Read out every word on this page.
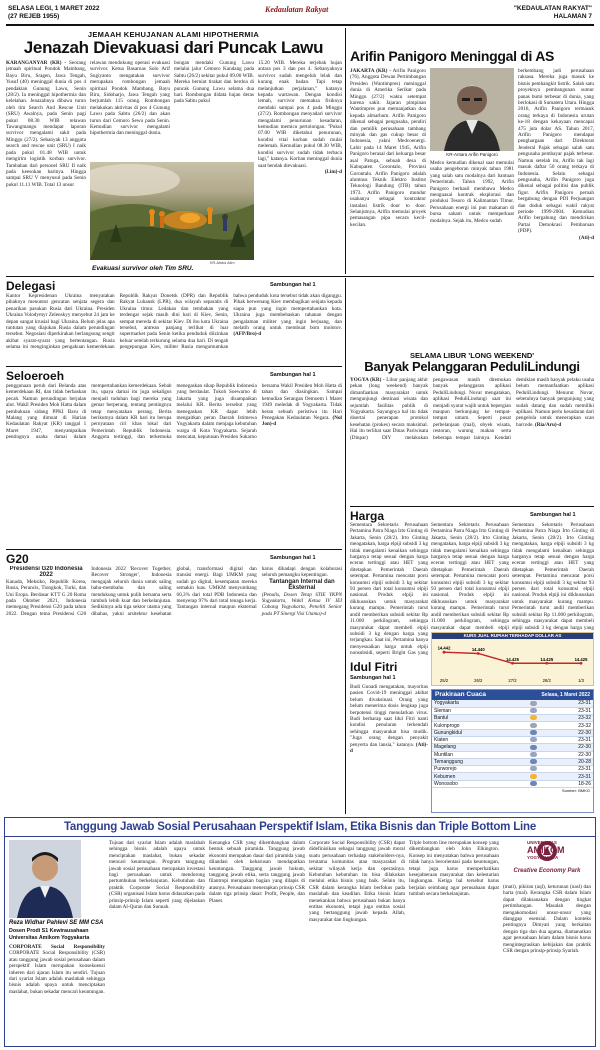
SELASA LEGI, 1 MARET 2022
(27 REJEB 1955)
Kedaulatan Rakyat	"KEDAULATAN RAKYAT"
HALAMAN 7
JEMAAH KEHUJANAN ALAMI HIPOTHERMIA
Jenazah Dievakuasi dari Puncak Lawu
KARANGANYAR (KR) - Seorang jemaah spiritual Pondok Mambang, Bayu Biru, Sragen, Jawa Tengah, Yusuf (40) meninggal dunia di pos 4 pendakian Gunung Lawu, Senin (28/2). Ia meninggal hipothermia dan kelelahan. Jenazahnya dibawa turun oleh tim Search And Rescue Unit (SRU) Awalnya, pada Senin pagi pukul 08.30 WIB relawan Tawangmangu mendapat laporan survivor mengalami sakit pada Minggu (27/2). Sebanyak 13 anggota search and rescue unit (SRU) I naik pada pukul 01.48 WIB untuk mengirim logistik korban survivor. Tambahan dari personel SRU II naik pada keesokan harinya. Hingga sampai SRU V menyusul pada Senin pukul 11.11 WIB. Total 13 unsur
relawan mendukung operasi evakuasi survivor. Ketua Basarnas Solo Arif Sugiyanto mengatakan survivor merupakan rombongan jemaah spiritual Pondok Mambang, Bayu Biru, Sidoharjo, Jawa Tengah yang berjumlah 115 orang. Rombongan melakukan aktivitas di pos 4 Gunung Lawu pada Sabtu (26/2) dan akan turun dari Cemoro Sewu pada Senin. Kemudian survivor mengalami hipothermia dan meninggal dunia.
bongan mendaki Gunung Lawu melalui jalur Cemoro Kandang pada Sabtu (26/2) sekitar pukul 09.00 WIB. Mereka berniat tirakat dan berdoa di puncak Gunung Lawu selama dua hari. Rombongan didata hujan deras pada Sabtu pukul
15.20 WIB. Mereka terjebak hujan antara pos 3 dan pos 4. Sebanyaknya survivor sudah mengeluh lelah dan kurang enak badan. Tapi tetap melanjutkan perjalanan," katanya kepada wartawan. Dengan kondisi lemah, survivor memaksa fisiknya mendaki sampai pos 4 pada Minggu (27/2). Rombongan menyadari survivor mengalami penurunan kesadaran, kemudian memicu pertolongan. "Pukul 07.00 WIB diketahui penurunan, kondisi vital korban sudah mulai melemah. Kemudian pukul 08.30 WIB, kondisi survivor sudah tidak terbaca lagi," katanya. Korban meninggal dunia saat hendak dievakuasi.
(Lim)-d
KR-Abdul Alim
Evakuasi survivor oleh Tim SRU.
Arifin Panigoro Meninggal di AS
JAKARTA (KR) - Arifin Panigoro (76), Anggota Dewan Pertimbangan Presiden (Wantimpres) meninggal dunia di Amerika Serikat pada Minggu (27/2) waktu setempat karena sakit. Jajaran pimpinan Wantimpres pun memanjatkan doa kepada almarhum. Arifin Panigoro dikenal sebagai pengusaha, pendiri dan pemilik perusahaan tambang minyak dan gas cukup besar di Indonesia, yakni Medcoenergi. Lahir pada 14 Maret 1945, Arifin Panigoro berasal dari keluarga besar asal Patoga, sebuah desa di Kabupaten Gorontalo, Provinsi Gorontalo. Arifin Panigoro adalah alumnus Teknik Elektro Institut Teknologi Bandung (ITB) tahun 1973. Arifin Panigoro mundur usahanya sebagai kontraktor instalasi listrik door to door. Selanjutnya, Arifin memulai proyek pemasangan pipa secara kecil-kecilan.
KR-Antara Arifin Panigoro
Medco kemudian dikenal saat memulai usaha pengeboran minyak tahun 1981 yang salah satu modalnya dari bantuan Pemerintah. Tahun 1992, Arifin Panigoro berhasil membawa Medco menguasai kontrak eksplorasi dan produksi Tesoro di Kalimantan Timur. Perusahaan energi ini pun makanan di bursa saham untuk memperkuat modalnya. Sejak itu, Medco sudah
berkembang jadi perusahaan raksasa. Mereka juga masuk ke bisnis pembangkit listrik. Salah satu proyeknya pembangunan sumur panas bumi terbesar di dunia, yang berlokasi di Sumatera Utara. Hingga 2016, Arifin Panigoro termasuk orang terkaya di Indonesia urutan ke-18 dengan kekayaan mencapai 475 juta dolar AS. Tahun 2017, Arifin Panigoro mendapat penghargaan dari Direktorat Jenderal Pajak sebagai salah satu pengusaha pembayar pajak terbesar. Namun setelah itu, Arifin tak lagi masuk daftar 50 orang terkaya di Indonesia. Selain sebagai pengusaha, Arifin Panigoro juga dikenal sebagai politisi dan publik figur. Arifin Panigoro pernah bergabung dengan PDI Perjuangan dan duduk sebagai wakil rakyat periode 1999-2004. Kemudian Arifin bergabung dan mendirikan Partai Demokrasi Pembaruan (PDP).
(Ati)-d
Delegasi	Sambungan hal 1
Kantor Kepresidenan Ukraina menyatakan pihaknya menuntut gencatan senjata segera dan penarikan pasukan Rusia dari Ukraina. Presiden Ukraina Volodymyr Zelenskyy menyebut 24 jam ke depan sangat krusial bagi Ukraina. Belum jelas apa tuntutan yang diajukan Rusia dalam perundingan tersebut. Negosiasi diperkirakan berlangsung sengit akibat syarat-syarat yang bertentangan. Rusia selama ini menginginkan pengakuan kemerdekaan Republik Rakyat Donetsk (DPR) dan Republik Rakyat Luhansk (LPR), dua wilayah separatis di Ukraina timur. Ledakan dan tembakan yang terdengar sejak masih dini hari di Kiev, Senin, sempat mereda di sekitar Kiev. Di ibu kota Ukraina tersebut, antrean panjang terlihat di luar supermarket pada Senin ketika penduduk diizinkan keluar setelah terkurung selama dua hari. Di tengah pengepungan Kiev, militer Rusia mengumumkan bahwa penduduk kota tersebut tidak akan diganggu. Pihak berwenang Kiev membagikan senjata kepada siapa pun yang ingin mempertahankan kota. Ukraina juga membebaskan tahanan dengan pengalaman militer yang ingin berjuang, dan melatih orang untuk membuat bom molotov. (AFP/Bro)-d
Seloeroeh	Sambungan hal 1
penggunaan peruh dari Belanda atas kemerdekaan RI, dan tidak berbaskan pecah. Namun perundingan berjalan alot. Wakil Presiden Moh Hatta dalam pembukuan sidang PPKI Baru di Malang yang dimuat di Harian Kedaulatan Rakyat (KR) tanggal 1 Maret 1947, menyampaikan pentingnya usaha damai dalam mempertahankan kemerdekaan. Sebab itu, upaya damai itu juga sekaligus menjadi tuduhan bagi mereka yang gemar berperang, tentang pentingnya tetap menyatakan perang. Berita berikutnya dalam KR hari itu berupa pernyataan ciri khas lokal dari Pemerintah Republik Indonesia. Anggota tertinggi, dan terkemuka menegaskan sikap Republik Indonesia yang berdaulat. Tokoh Soewarno di Jakarta yang juga disampaikan melalui KR. Berita tersebut yang menegaskan KR dapat lebih mengaitkan peran Daerah Istimewa Yogyakarta dalam menjaga kebutuhan warga di Kota Yogyakarta. Sejarah mencatat, keputusan Presiden Sukarno bersama Wakil Presiden Moh Hatta di tahan dan diasingkan. Sampai kemudian Serangan Oemoem 1 Maret 1949 meledak di Yogyakarta. Tidak heran sebuah peristiwa itu Hari Penegakan Kedaulatan Negara. (Nol Jon)-d
G20	Sambungan hal 1
Presidensi G20 Indonesia 2022
Kanada, Meksiko, Republik Korea, Rusia, Perancis, Tiongkok, Turki, dan Uni Eropa. Berdasar KTT G 20 Roma pada Oktober 2021, Indonesia memegang Presidensi G20 pada tahun 2022. Dengan tema Presidensi G20 Indonesia 2022 'Recover Together, Recover Stronger', Indonesia mengajak seluruh dunia untuk saling bahu-membahu dan saling mendukung untuk pulih bersama serta tumbuh lebih kuat dan berkelanjutan. Sedikitnya ada tiga sektor utama yang dibahas, yakni arsitektur kesehatan global, transformasi digital dan transisi energi. Bagi UMKM yang sudah go digital, kesempatan mereka semakin luas. UMKM menyumbang 60,3% dari total PDB Indonesia dan menyerap 97% dari total tenaga kerja. Tantangan internal maupun eksternal harus dihadapi dengan kolaborasi seluruh pemangku kepentingan.
Tantangan Internal dan Eksternal
(Penulis, Dosen Tetap STIE YKPN Yogyakarta, Wakil Ketua IV IEI Cabang Yogyakarta, Peneliti Senior pada PT Sinergi Visi Utama)-d
SELAMA LIBUR 'LONG WEEKEND'
Banyak Pelanggaran PeduliLindungi
YOGYA (KR) - Libur panjang akhir pekan (long weekend) banyak dimanfaatkan masyarakat untuk mengunjungi destinasi wisata dan sejumlah fasilitas publik di Yogyakarta. Sayangnya hal itu tidak disertai penerapan protokol kesehatan (prokes) secara maksimal. Hal itu terlihat saat Dinas Pariwisata (Dinpar) DIY melakukan pengawasan masih ditemukan banyak pelanggaran aplikasi PeduliLindungi. Novar mengatakan, aplikasi PeduliLindungi saat ini menjadi syarat wajib untuk bepergian maupun berkunjung ke tempat-tempat umum. Seperti pusat perbelanjaan (mal), obyek wisata, restoran, warung makan serta beberapa tempat lainnya. Kendati demikian masih banyak pelaku usaha belum memanfaatkan aplikasi PeduliLindungi. Menurut Novar, sebetulnya banyak pengunjung yang sudah datang dan sudah memiliki aplikasi. Namun perlu kesadaran dari pengelola untuk menerapkan scan barcode. (Ria/Aru)-d
Harga	Sambungan hal 1
Sementara Sekretaris Perusahaan Pertamina Patra Niaga Irto Ginting di Jakarta, Senin (28/2). Irto Ginting mengatakan, harga elpiji subsidi 3 kg tidak mengalami kenaikan sehingga harganya tetap sesuai dengan harga eceran tertinggi atau HET yang ditetapkan Pemerintah Daerah setempat. Pertamina mencatat porsi konsumsi elpiji subsidi 3 kg sekitar 93 persen dari total konsumsi elpiji nasional. Produk elpiji ini dikhususkan untuk masyarakat kurang mampu. Pemerintah turut andil memberikan subsidi sekitar Rp 11.000 perkilogram, sehingga masyarakat dapat membeli elpiji subsidi 3 kg dengan harga yang terjangkau. Saat ini, Pertamina hanya menyesuaikan harga untuk elpiji nonsubsidi, seperti Bright Gas yang
Sementara Sekretaris Perusahaan Pertamina Patra Niaga Irto Ginting di Jakarta, Senin (28/2). Irto Ginting mengatakan, harga elpiji subsidi 3 kg tidak mengalami kenaikan sehingga harganya tetap sesuai dengan harga eceran tertinggi atau HET yang ditetapkan Pemerintah Daerah setempat. Pertamina mencatat porsi konsumsi elpiji subsidi 3 kg sekitar 93 persen dari total konsumsi elpiji nasional. Produk elpiji ini dikhususkan untuk masyarakat kurang mampu. Pemerintah turut andil memberikan subsidi sekitar Rp 11.000 perkilogram, sehingga masyarakat dapat membeli elpiji
Sementara Sekretaris Perusahaan Pertamina Patra Niaga Irto Ginting di Jakarta, Senin (28/2). Irto Ginting mengatakan, harga elpiji subsidi 3 kg tidak mengalami kenaikan sehingga harganya tetap sesuai dengan harga eceran tertinggi atau HET yang ditetapkan Pemerintah Daerah setempat. Pertamina mencatat porsi konsumsi elpiji subsidi 3 kg sekitar 93 persen dari total konsumsi elpiji nasional. Produk elpiji ini dikhususkan untuk masyarakat kurang mampu. Pemerintah turut andil memberikan subsidi sekitar Rp 11.000 perkilogram, sehingga masyarakat dapat membeli elpiji subsidi 3 kg dengan harga yang
KURS JUAL RUPIAH TERHADAP DOLLAR AS
14.442
25/2
14.440
26/2
14.425
27/2
14.425
28/2
14.425
1/3
Idul Fitri
Sambungan hal 1
Budi Gunadi mengatakan, mayoritas pasien Covid-19 meninggal akibat belum divaksinasi. Orang yang belum menerima dosis lengkap juga berpotensi tinggi menularkan virus. Budi berharap saat Idul Fitri nanti kondisi penularan terkendali sehingga masyarakat bisa mudik. "Juga orang dengan penyakit penyerta dan lansia," katanya. (Ati)-d
Prakiraan Cuaca	Selasa, 1 Maret 2022
Yogyakarta		23-31
Sleman		23-31
Bantul		23-32
Kulonprogo		23-32
Gunungkidul		22-30
Klaten		23-31
Magelang		22-30
Muntilan		22-30
Temanggung		20-28
Purworejo		23-31
Kebumen		23-31
Wonosobo		18-26
Sumber: BMKG
Tanggung Jawab Sosial Perusahaan Perspektif Islam, Etika Bisnis dan Triple Bottom Line
Reza Widhar Pahlevi SE MM CSA
Dosen Prodi S1 Kewirausahaan
Universitas Amikom Yogyakarta
CORPORATE Social Responsibility CORPORATE Social Responsibility (CSR) atau tanggung jawab sosial perusahaan dalam perspektif Islam merupakan konsekuensi inheren dari ajaran Islam itu sendiri. Tujuan dari syariat Islam adalah maslahah sehingga bisnis adalah upaya untuk menciptakan maslahat, bukan sekadar mencari keuntungan.
Tujuan dari syariat Islam adalah maslahah sehingga bisnis adalah upaya untuk menciptakan maslahat, bukan sekadar mencari keuntungan. Program tanggung jawab sosial perusahaan merupakan investasi bagi perusahaan untuk mendorong pertumbuhan berkelanjutan. Kebutuhan dan praktik Corporate Social Responsibility (CSR) organisasi Islam harus didasarkan pada prinsip-prinsip Islam seperti yang dijelaskan dalam Al-Quran dan Sunnah.
Kenangka CSR yang dikembangkan dalam bentuk sebuah piramida. Tanggung jawab ekonomi merupakan dasar dari piramida yang dilandasi oleh keharusan mendapatkan keuntungan. Tanggung jawab hukum, tanggung jawab etika, serta tanggung jawab filantropi merupakan bagian yang dilapis di atasnya. Perusahaan menerapkan prinsip CSR dalam tiga prinsip dasar: Profit, People, dan Planet.
Corporate Social Responsibility (CSR) dapat didefinisikan sebagai tanggung jawab moral suatu perusahaan terhadap stakeholders-nya, terutama komunitas atau masyarakat di sekitar wilayah kerja dan operasinya. Kebutuhan kebutuhan itu bisa dilakukan melalui etika bisnis yang baik. Selain itu, CSR dalam kerangka Islam berfokus pada maslahah dan keadilan. Etika bisnis Islam menekankan bahwa perusahaan bukan hanya entitas ekonomi, tetapi juga entitas sosial yang bertanggung jawab kepada Allah, masyarakat dan lingkungan.
Triple bottom line merupakan konsep yang dikembangkan oleh John Elkington. Konsep ini menyatakan bahwa perusahaan tidak hanya berorientasi pada keuntungan, tetapi juga harus memperhatikan kesejahteraan masyarakat dan kelestarian lingkungan. Ketiga hal tersebut harus berjalan seimbang agar perusahaan dapat tumbuh secara berkelanjutan.
UNIVERSITAS
AMIKOM
YOGYAKARTA
Creative Economy Park
(mati), pikiran (aql), keturunan (nasl) dan harta (mal). Kerangka CSR dalam Islam dapat dilaksanakan dengan tingkat pertimbangan. Masalah dengan mengakomodasi unsur-unsur yang dianggap esensial. Dalam konteks pentingnya Dimyati yang berkaitan dengan tiga dan dua agama, diamanatkan agar perusahaan Islam dalam bisnis harus mengintegrasikan kebijakan dan praktik CSR dengan prinsip-prinsip Syariah.
